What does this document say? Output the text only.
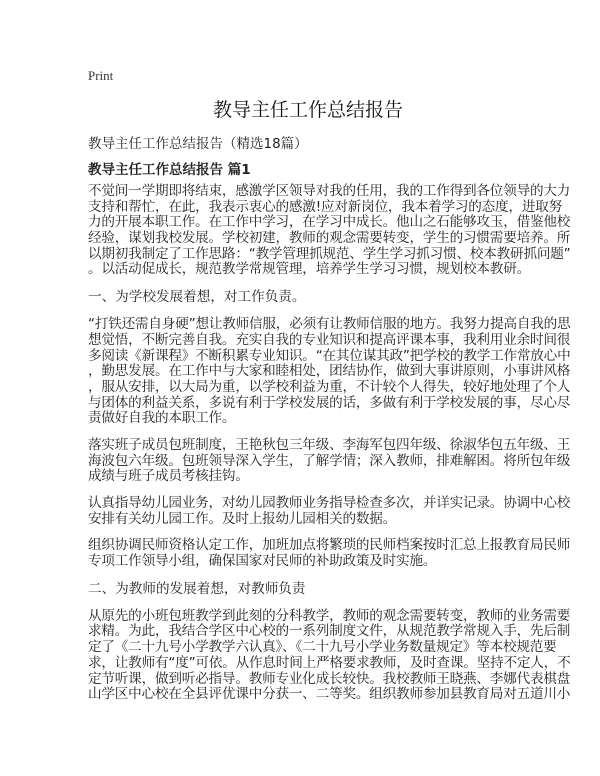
Print
教导主任工作总结报告
教导主任工作总结报告（精选18篇）
教导主任工作总结报告 篇1
不觉间一学期即将结束，感激学区领导对我的任用，我的工作得到各位领导的大力
支持和帮忙，在此，我表示衷心的感激!应对新岗位，我本着学习的态度，进取努
力的开展本职工作。在工作中学习，在学习中成长。他山之石能够攻玉，借鉴他校
经验，谋划我校发展。学校初建，教师的观念需要转变，学生的习惯需要培养。所
以期初我制定了工作思路：“教学管理抓规范、学生学习抓习惯、校本教研抓问题”
。以活动促成长，规范教学常规管理，培养学生学习习惯，规划校本教研。
一、为学校发展着想，对工作负责。
“打铁还需自身硬”想让教师信服，必须有让教师信服的地方。我努力提高自我的思
想觉悟，不断完善自我。充实自我的专业知识和提高评课本事，我利用业余时间很
多阅读《新课程》不断积累专业知识。“在其位谋其政”把学校的教学工作常放心中
，勤思发展。在工作中与大家和睦相处，团结协作，做到大事讲原则，小事讲风格
，服从安排，以大局为重，以学校利益为重，不计较个人得失，较好地处理了个人
与团体的利益关系，多说有利于学校发展的话，多做有利于学校发展的事，尽心尽
责做好自我的本职工作。
落实班子成员包班制度，王艳秋包三年级、李海军包四年级、徐淑华包五年级、王
海波包六年级。包班领导深入学生，了解学情；深入教师，排难解困。将所包年级
成绩与班子成员考核挂钩。
认真指导幼儿园业务，对幼儿园教师业务指导检查多次，并详实记录。协调中心校
安排有关幼儿园工作。及时上报幼儿园相关的数据。
组织协调民师资格认定工作，加班加点将繁琐的民师档案按时汇总上报教育局民师
专项工作领导小组，确保国家对民师的补助政策及时实施。
二、为教师的发展着想，对教师负责
从原先的小班包班教学到此刻的分科教学，教师的观念需要转变，教师的业务需要
求精。为此，我结合学区中心校的一系列制度文件，从规范教学常规入手，先后制
定了《二十九号小学教学六认真》、《二十九号小学业务数量规定》等本校规范要
求，让教师有“度”可依。从作息时间上严格要求教师，及时查课。坚持不定人，不
定节听课，做到听必指导。教师专业化成长较快。我校教师王晓燕、李娜代表棋盘
山学区中心校在全县评优课中分获一、二等奖。组织教师参加县教育局对五道川小
